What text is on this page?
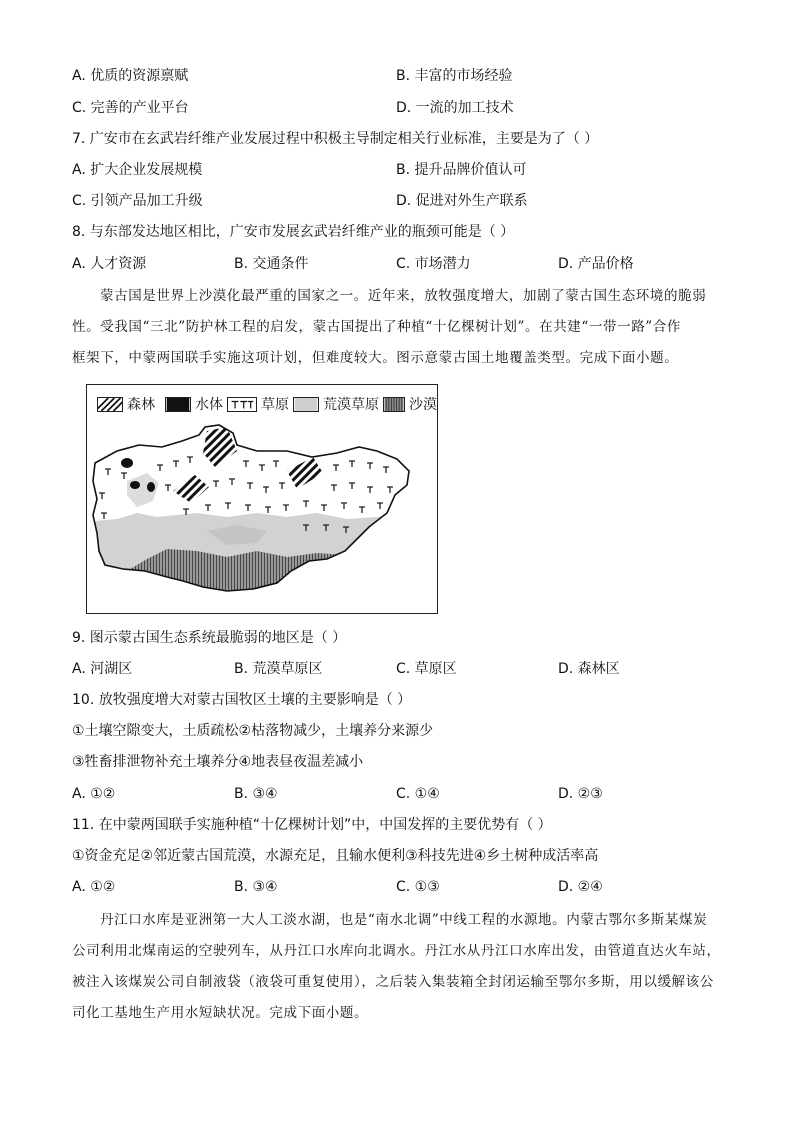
A. 优质的资源禀赋	B. 丰富的市场经验
C. 完善的产业平台	D. 一流的加工技术
7. 广安市在玄武岩纤维产业发展过程中积极主导制定相关行业标准，主要是为了（ ）
A. 扩大企业发展规模	B. 提升品牌价值认可
C. 引领产品加工升级	D. 促进对外生产联系
8. 与东部发达地区相比，广安市发展玄武岩纤维产业的瓶颈可能是（ ）
A. 人才资源	B. 交通条件	C. 市场潜力	D. 产品价格
蒙古国是世界上沙漠化最严重的国家之一。近年来，放牧强度增大，加剧了蒙古国生态环境的脆弱
性。受我国“三北”防护林工程的启发，蒙古国提出了种植“十亿棵树计划”。在共建“一带一路”合作
框架下，中蒙两国联手实施这项计划，但难度较大。图示意蒙古国土地覆盖类型。完成下面小题。
森林	水体	草原 荒漠草原 沙漠
9. 图示蒙古国生态系统最脆弱的地区是（ ）
A. 河湖区	B. 荒漠草原区	C. 草原区	D. 森林区
10. 放牧强度增大对蒙古国牧区土壤的主要影响是（ ）
①土壤空隙变大，土质疏松②枯落物减少，土壤养分来源少
③牲畜排泄物补充土壤养分④地表昼夜温差减小
A. ①②	B. ③④	C. ①④	D. ②③
11. 在中蒙两国联手实施种植“十亿棵树计划”中，中国发挥的主要优势有（ ）
①资金充足②邻近蒙古国荒漠，水源充足，且输水便利③科技先进④乡土树种成活率高
A. ①②	B. ③④	C. ①③	D. ②④
丹江口水库是亚洲第一大人工淡水湖，也是“南水北调”中线工程的水源地。内蒙古鄂尔多斯某煤炭
公司利用北煤南运的空驶列车，从丹江口水库向北调水。丹江水从丹江口水库出发，由管道直达火车站，
被注入该煤炭公司自制液袋（液袋可重复使用），之后装入集装箱全封闭运输至鄂尔多斯，用以缓解该公
司化工基地生产用水短缺状况。完成下面小题。
